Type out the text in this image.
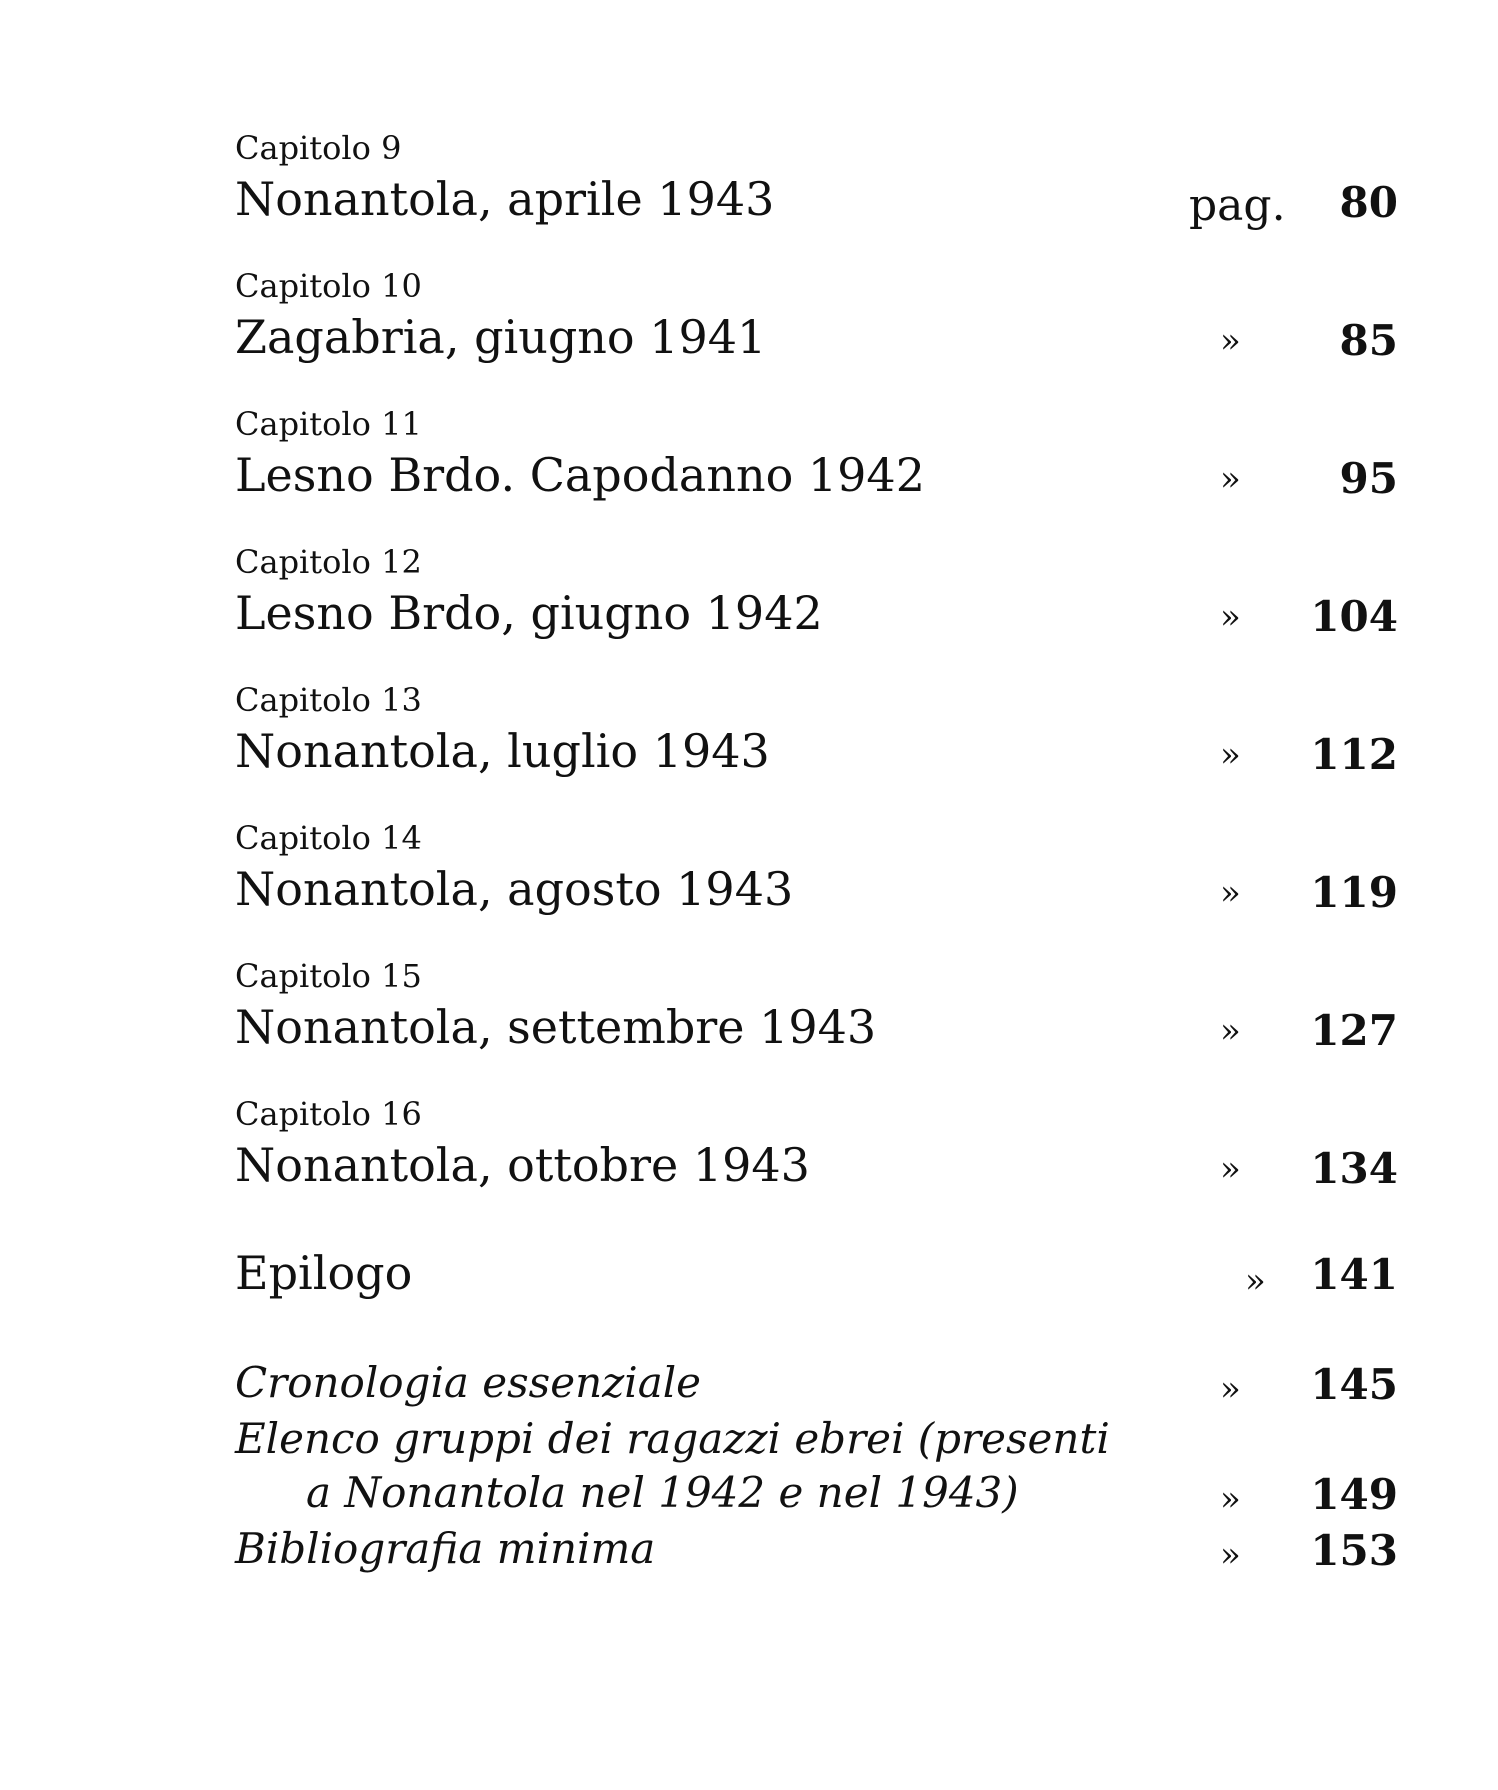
Capitolo 9
Nonantola, aprile 1943	pag. 80
Capitolo 10
Zagabria, giugno 1941	» 85
Capitolo 11
Lesno Brdo. Capodanno 1942	» 95
Capitolo 12
Lesno Brdo, giugno 1942	» 104
Capitolo 13
Nonantola, luglio 1943	» 112
Capitolo 14
Nonantola, agosto 1943	» 119
Capitolo 15
Nonantola, settembre 1943	» 127
Capitolo 16
Nonantola, ottobre 1943	» 134
Epilogo	» 141
Cronologia essenziale	» 145
Elenco gruppi dei ragazzi ebrei (presenti
a Nonantola nel 1942 e nel 1943)	» 149
Bibliografia minima	» 153
